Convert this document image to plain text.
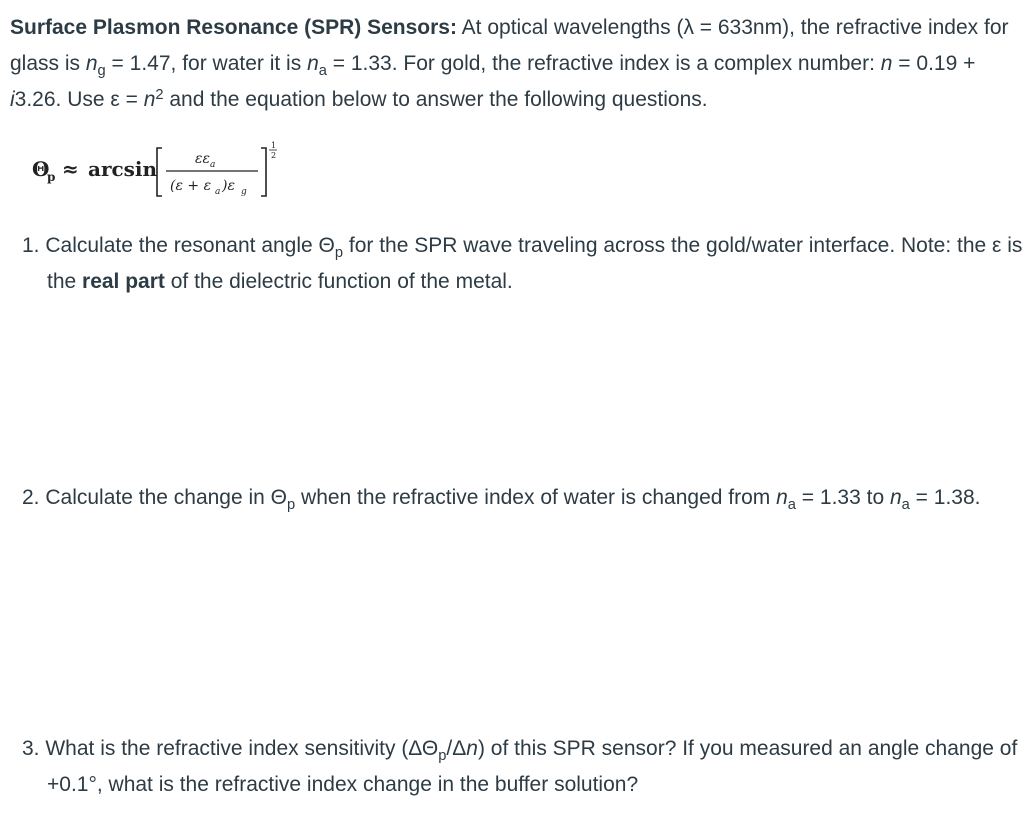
Surface Plasmon Resonance (SPR) Sensors: At optical wavelengths (λ = 633nm), the refractive index for glass is $n_g = 1.47$, for water it is $n_a = 1.33$. For gold, the refractive index is a complex number: n = 0.19 + i3.26. Use $\varepsilon = n^2$ and the equation below to answer the following questions.

Θ
p ≈ arcsin	εε a
(ε + ε a )ε g
1
2

1. Calculate the resonant angle $\Theta_p$ for the SPR wave traveling across the gold/water interface. Note: the ε is the real part of the dielectric function of the metal.

2. Calculate the change in $\Theta_p$ when the refractive index of water is changed from $n_a = 1.33$ to $n_a = 1.38$.

3. What is the refractive index sensitivity $(\Delta\Theta_p/\Delta n)$ of this SPR sensor? If you measured an angle change of +0.1°, what is the refractive index change in the buffer solution?
